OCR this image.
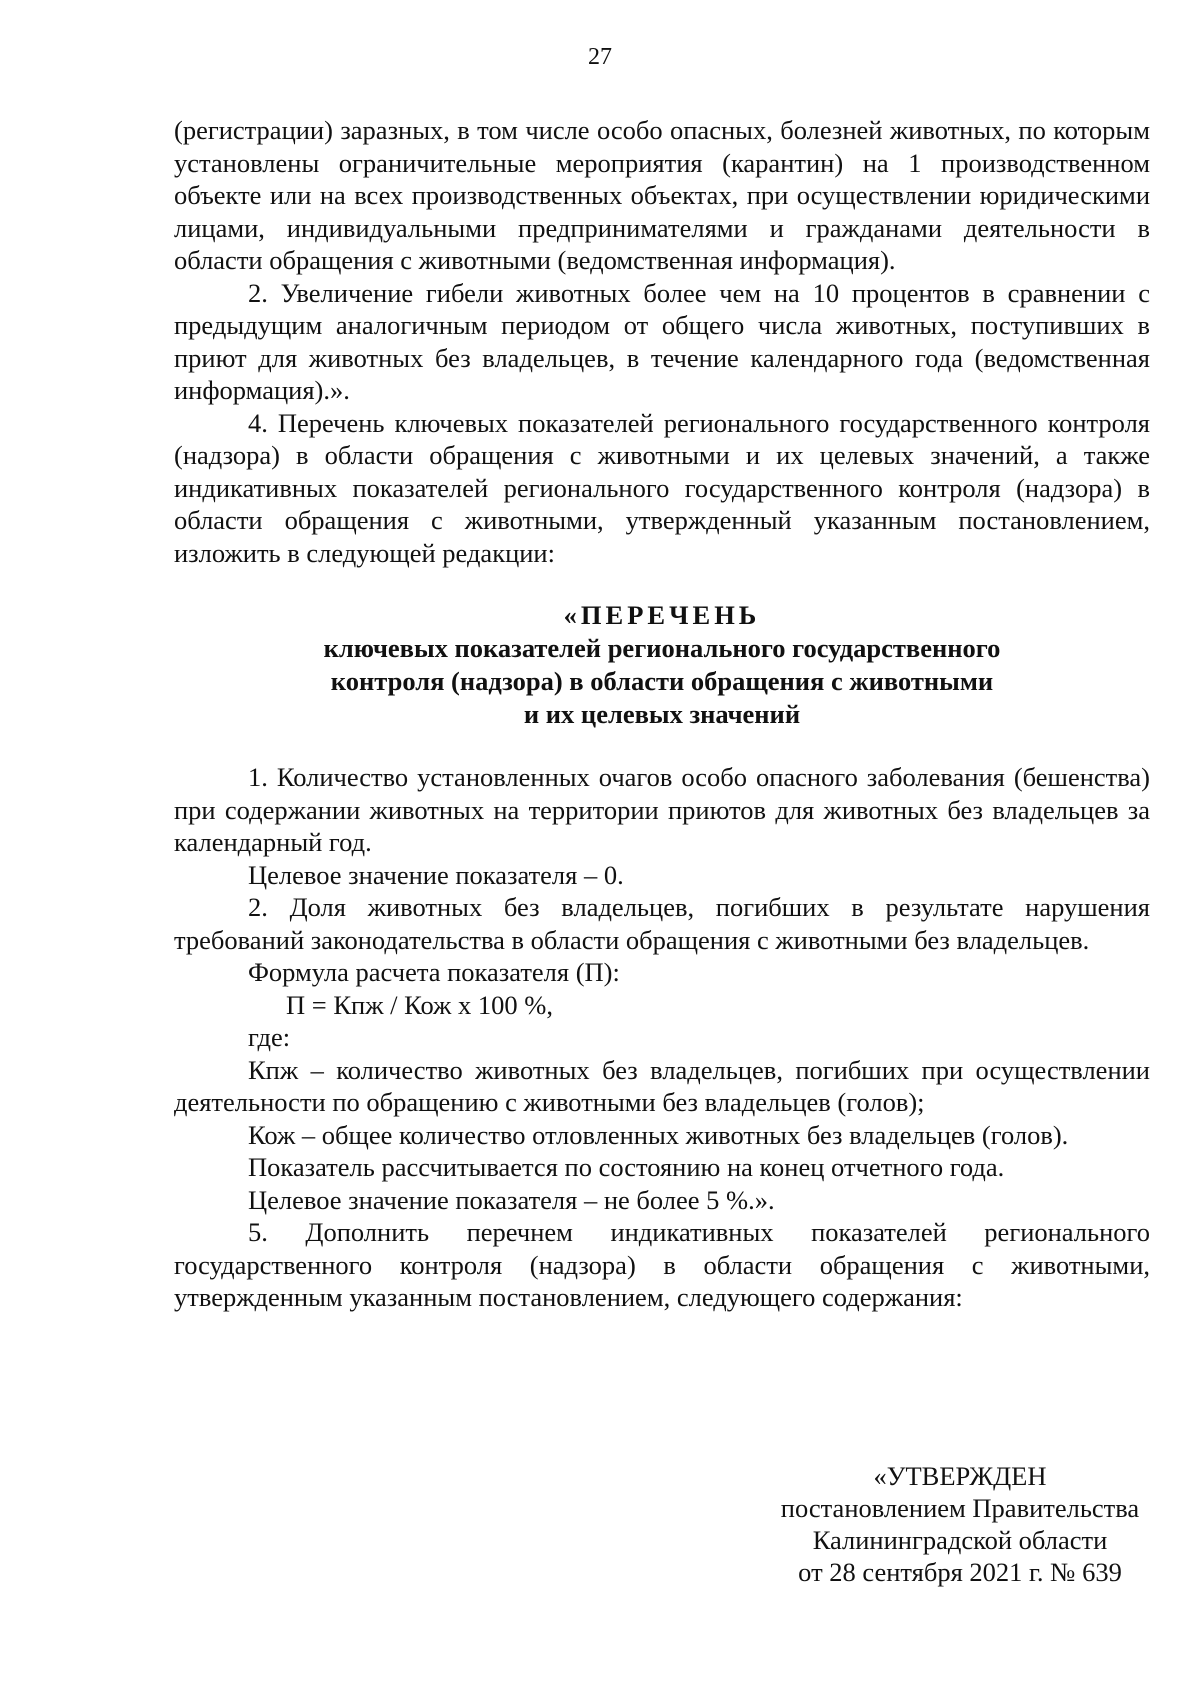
27

(регистрации) заразных, в том числе особо опасных, болезней животных, по которым установлены ограничительные мероприятия (карантин) на 1 производственном объекте или на всех производственных объектах, при осуществлении юридическими лицами, индивидуальными предпринимателями и гражданами деятельности в области обращения с животными (ведомственная информация).

2. Увеличение гибели животных более чем на 10 процентов в сравнении с предыдущим аналогичным периодом от общего числа животных, поступивших в приют для животных без владельцев, в течение календарного года (ведомственная информация).».

4. Перечень ключевых показателей регионального государственного контроля (надзора) в области обращения с животными и их целевых значений, а также индикативных показателей регионального государственного контроля (надзора) в области обращения с животными, утвержденный указанным постановлением, изложить в следующей редакции:

«ПЕРЕЧЕНЬ
ключевых показателей регионального государственного
контроля (надзора) в области обращения с животными
и их целевых значений

1. Количество установленных очагов особо опасного заболевания (бешенства) при содержании животных на территории приютов для животных без владельцев за календарный год.

Целевое значение показателя – 0.

2. Доля животных без владельцев, погибших в результате нарушения требований законодательства в области обращения с животными без владельцев.

Формула расчета показателя (П):

П = Кпж / Кож х 100 %,

где:

Кпж – количество животных без владельцев, погибших при осуществлении деятельности по обращению с животными без владельцев (голов);

Кож – общее количество отловленных животных без владельцев (голов).

Показатель рассчитывается по состоянию на конец отчетного года.

Целевое значение показателя – не более 5 %.».

5. Дополнить перечнем индикативных показателей регионального государственного контроля (надзора) в области обращения с животными, утвержденным указанным постановлением, следующего содержания:

«УТВЕРЖДЕН
постановлением Правительства
Калининградской области
от 28 сентября 2021 г. № 639
